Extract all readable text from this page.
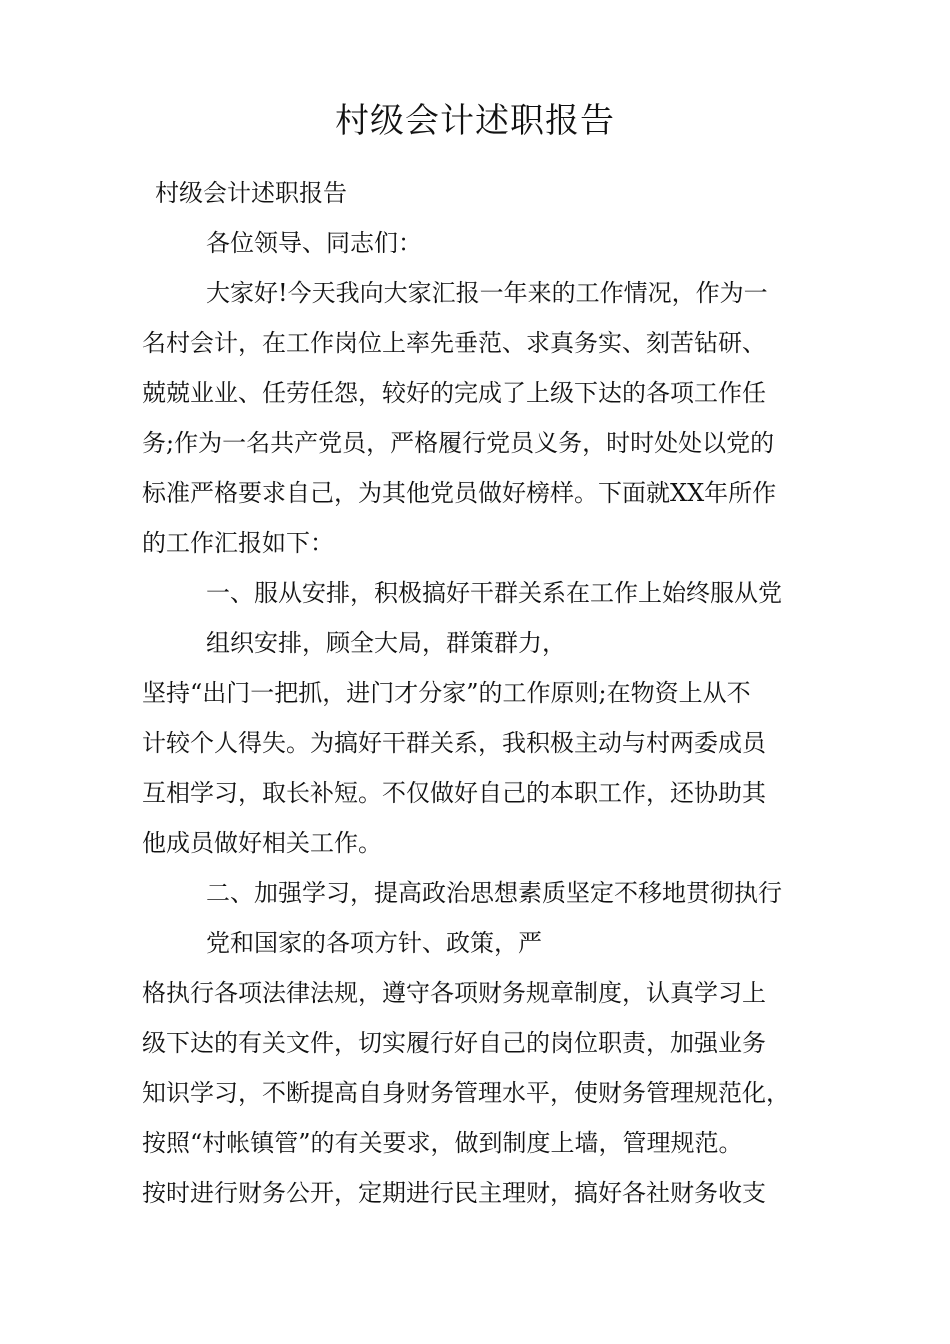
村级会计述职报告

村级会计述职报告

各位领导、同志们：

大家好!今天我向大家汇报一年来的工作情况，作为一

名村会计，在工作岗位上率先垂范、求真务实、刻苦钻研、

兢兢业业、任劳任怨，较好的完成了上级下达的各项工作任

务;作为一名共产党员，严格履行党员义务，时时处处以党的

标准严格要求自己，为其他党员做好榜样。下面就XX年所作

的工作汇报如下：

一、服从安排，积极搞好干群关系在工作上始终服从党

组织安排，顾全大局，群策群力，

坚持“出门一把抓，进门才分家”的工作原则;在物资上从不

计较个人得失。为搞好干群关系，我积极主动与村两委成员

互相学习，取长补短。不仅做好自己的本职工作，还协助其

他成员做好相关工作。

二、加强学习，提高政治思想素质坚定不移地贯彻执行

党和国家的各项方针、政策，严

格执行各项法律法规，遵守各项财务规章制度，认真学习上

级下达的有关文件，切实履行好自己的岗位职责，加强业务

知识学习，不断提高自身财务管理水平，使财务管理规范化，

按照“村帐镇管”的有关要求，做到制度上墙，管理规范。

按时进行财务公开，定期进行民主理财，搞好各社财务收支
